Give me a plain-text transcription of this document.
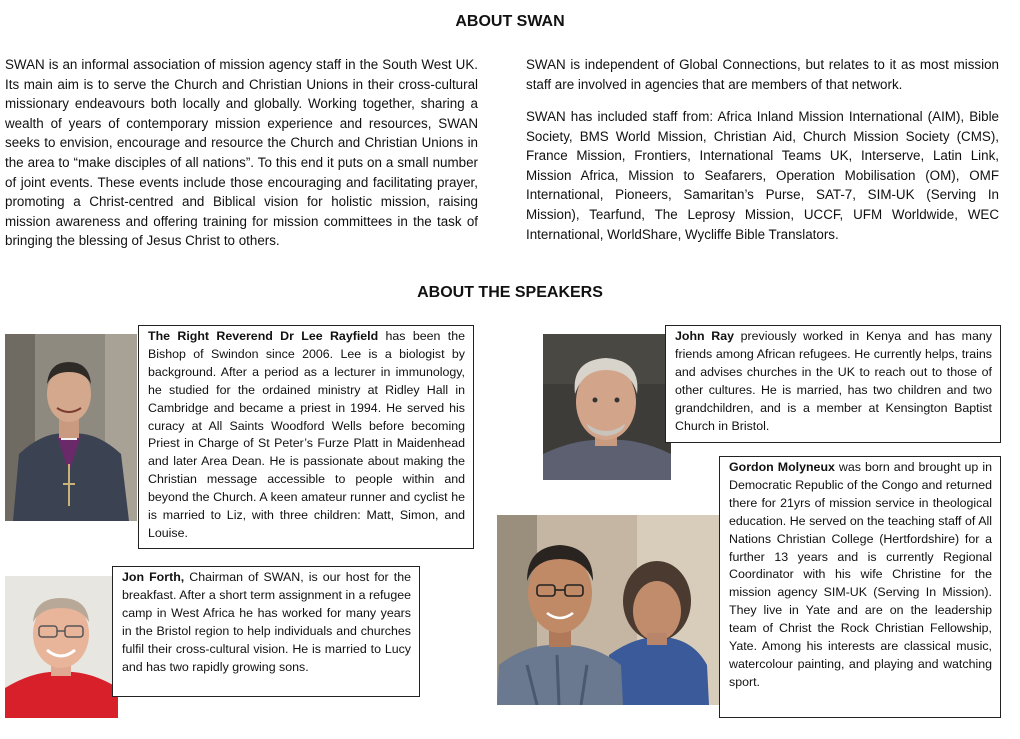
ABOUT SWAN

SWAN is an informal association of mission agency staff in the South West UK. Its main aim is to serve the Church and Christian Unions in their cross-cultural missionary endeavours both locally and globally. Working together, sharing a wealth of years of contemporary mission experience and resources, SWAN seeks to envision, encourage and resource the Church and Christian Unions in the area to “make disciples of all nations”. To this end it puts on a small number of joint events. These events include those encouraging and facilitating prayer, promoting a Christ-centred and Biblical vision for holistic mission, raising mission awareness and offering training for mission committees in the task of bringing the blessing of Jesus Christ to others.

SWAN is independent of Global Connections, but relates to it as most mission staff are involved in agencies that are members of that network.

SWAN has included staff from: Africa Inland Mission International (AIM), Bible Society, BMS World Mission, Christian Aid, Church Mission Society (CMS), France Mission, Frontiers, International Teams UK, Interserve, Latin Link, Mission Africa, Mission to Seafarers, Operation Mobilisation (OM), OMF International, Pioneers, Samaritan’s Purse, SAT-7, SIM-UK (Serving In Mission), Tearfund, The Leprosy Mission, UCCF, UFM Worldwide, WEC International, WorldShare, Wycliffe Bible Translators.

ABOUT THE SPEAKERS
The Right Reverend Dr Lee Rayfield has been the Bishop of Swindon since 2006. Lee is a biologist by background. After a period as a lecturer in immunology, he studied for the ordained ministry at Ridley Hall in Cambridge and became a priest in 1994. He served his curacy at All Saints Woodford Wells before becoming Priest in Charge of St Peter’s Furze Platt in Maidenhead and later Area Dean. He is passionate about making the Christian message accessible to people within and beyond the Church. A keen amateur runner and cyclist he is married to Liz, with three children: Matt, Simon, and Louise.
Jon Forth, Chairman of SWAN, is our host for the breakfast. After a short term assignment in a refugee camp in West Africa he has worked for many years in the Bristol region to help individuals and churches fulfil their cross-cultural vision. He is married to Lucy and has two rapidly growing sons.
John Ray previously worked in Kenya and has many friends among African refugees. He currently helps, trains and advises churches in the UK to reach out to those of other cultures. He is married, has two children and two grandchildren, and is a member at Kensington Baptist Church in Bristol.
Gordon Molyneux was born and brought up in Democratic Republic of the Congo and returned there for 21yrs of mission service in theological education. He served on the teaching staff of All Nations Christian College (Hertfordshire) for a further 13 years and is currently Regional Coordinator with his wife Christine for the mission agency SIM-UK (Serving In Mission). They live in Yate and are on the leadership team of Christ the Rock Christian Fellowship, Yate. Among his interests are classical music, watercolour painting, and playing and watching sport.
